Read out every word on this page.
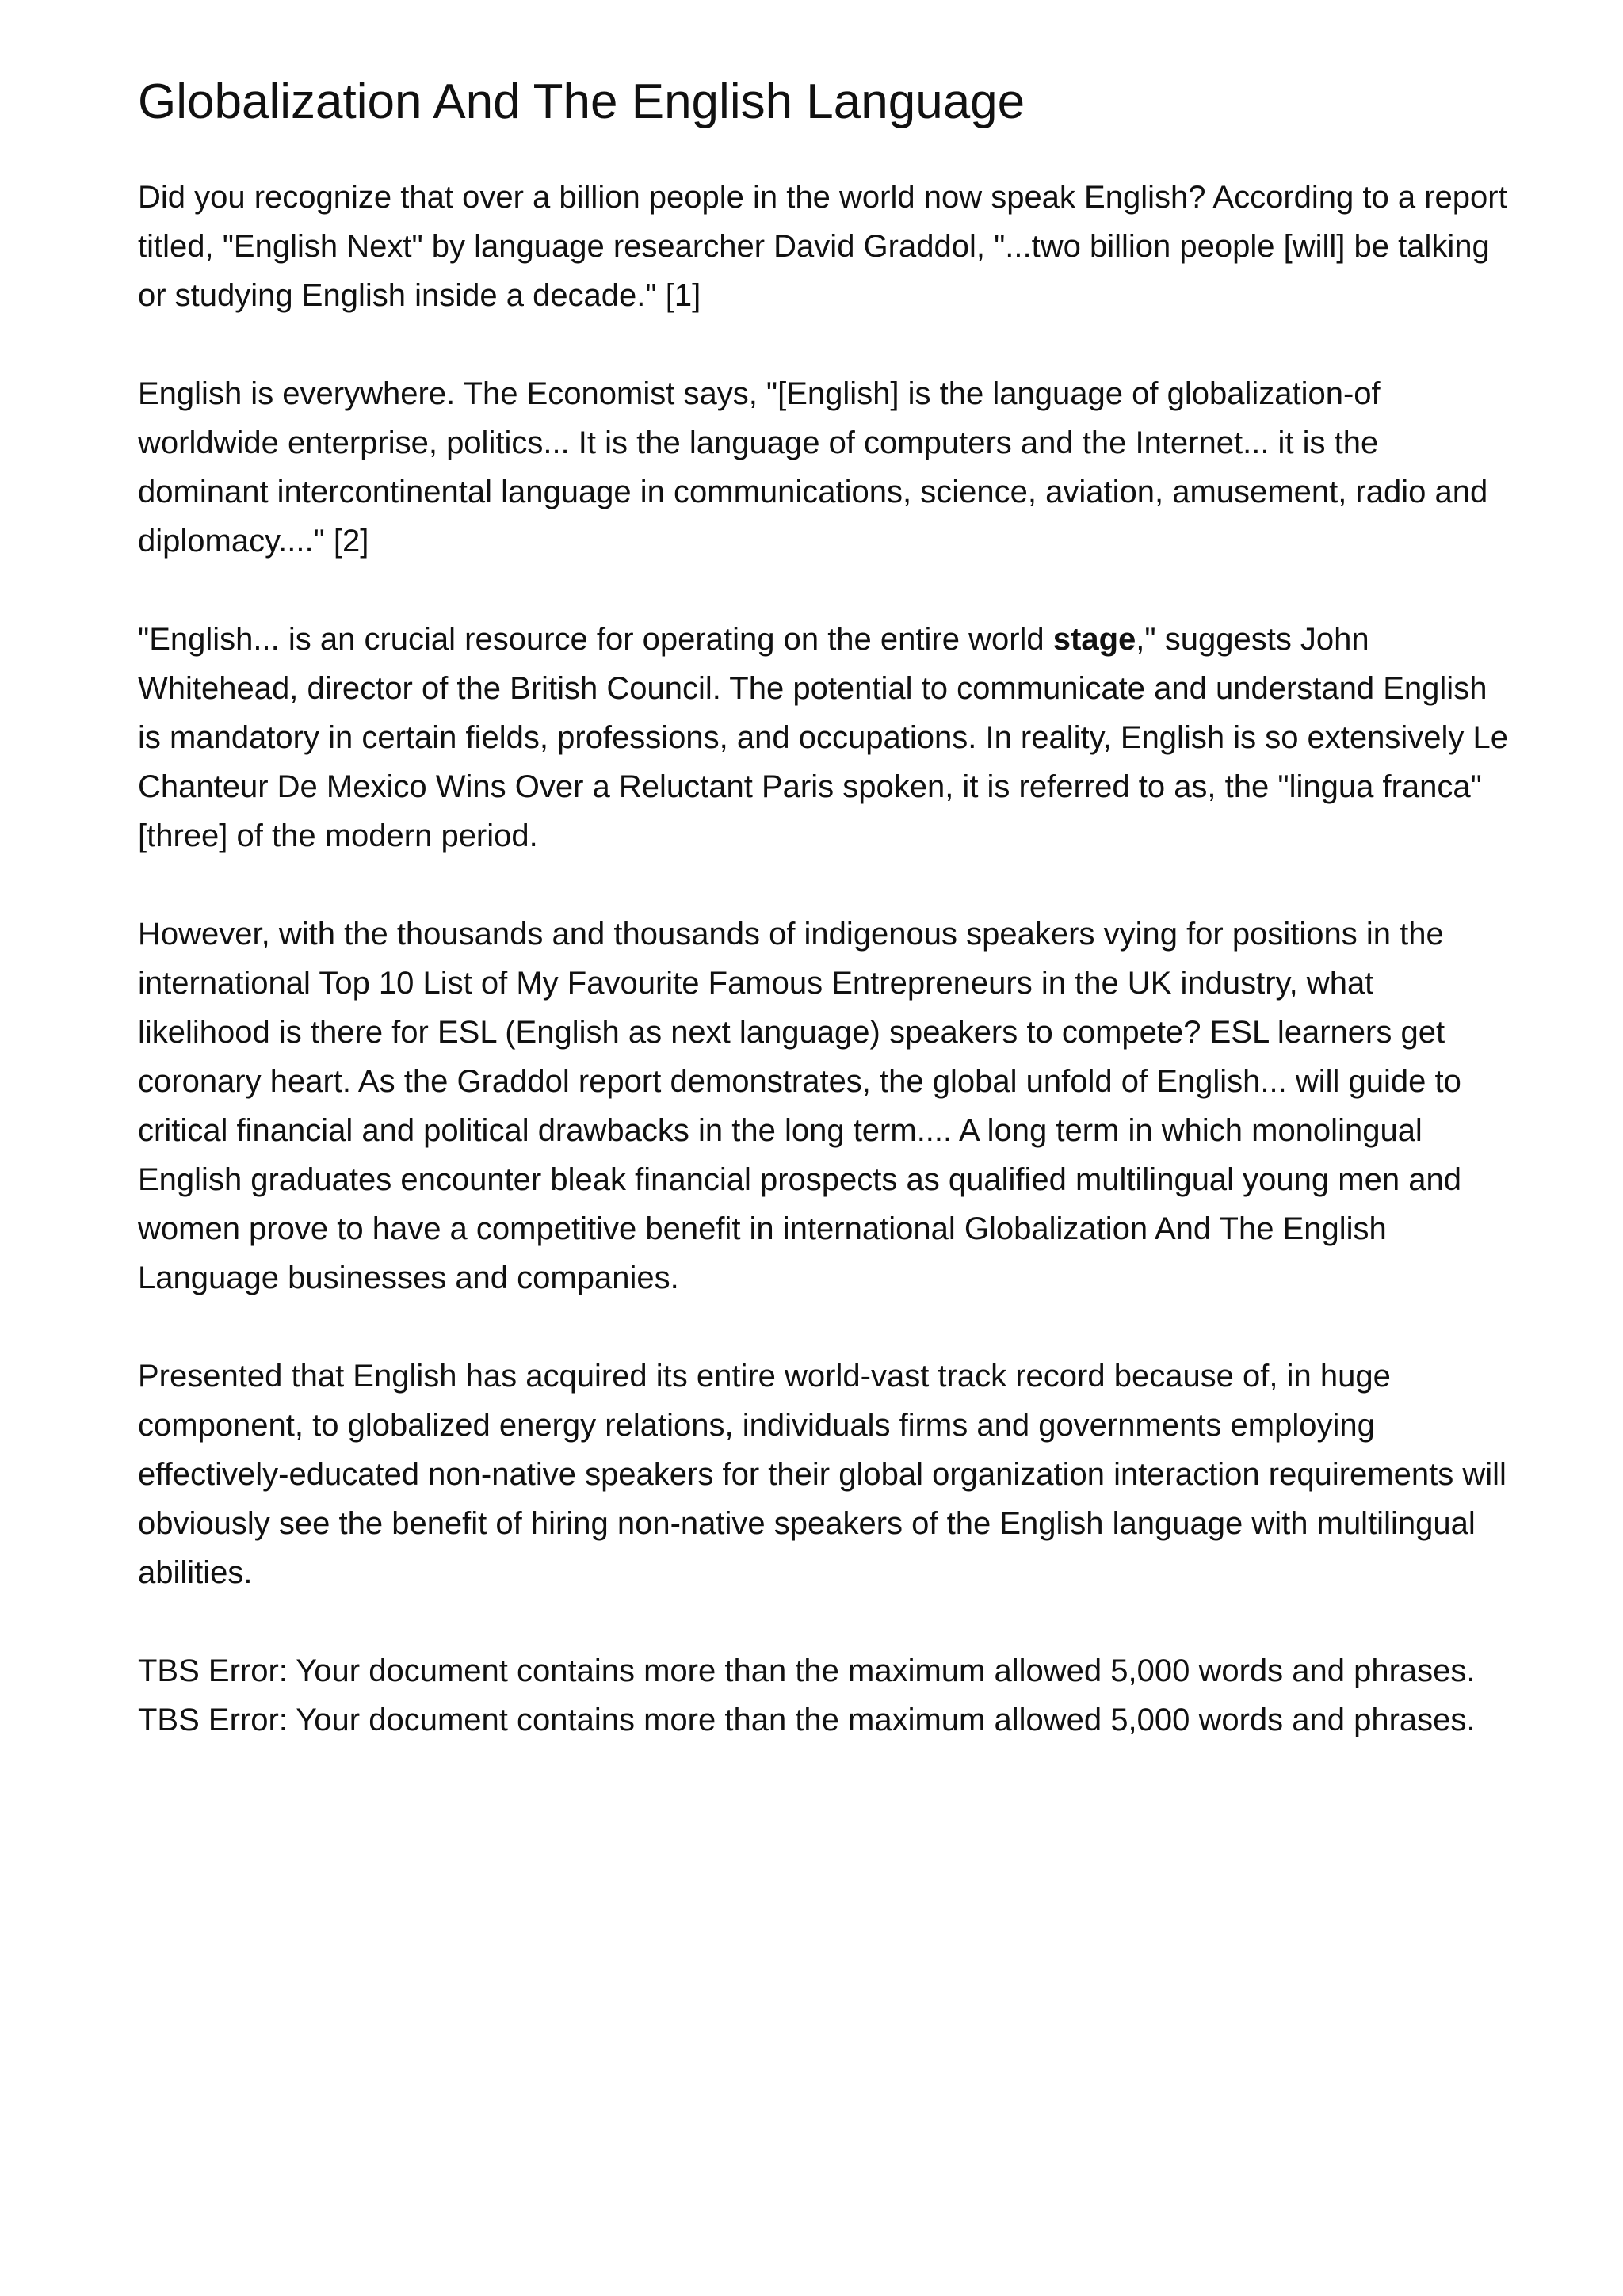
Globalization And The English Language

Did you recognize that over a billion people in the world now speak English? According to a report titled, "English Next" by language researcher David Graddol, "...two billion people [will] be talking or studying English inside a decade." [1]

English is everywhere. The Economist says, "[English] is the language of globalization-of worldwide enterprise, politics... It is the language of computers and the Internet... it is the dominant intercontinental language in communications, science, aviation, amusement, radio and diplomacy...." [2]

"English... is an crucial resource for operating on the entire world stage," suggests John Whitehead, director of the British Council. The potential to communicate and understand English is mandatory in certain fields, professions, and occupations. In reality, English is so extensively Le Chanteur De Mexico Wins Over a Reluctant Paris spoken, it is referred to as, the "lingua franca" [three] of the modern period.

However, with the thousands and thousands of indigenous speakers vying for positions in the international Top 10 List of My Favourite Famous Entrepreneurs in the UK industry, what likelihood is there for ESL (English as next language) speakers to compete? ESL learners get coronary heart. As the Graddol report demonstrates, the global unfold of English... will guide to critical financial and political drawbacks in the long term.... A long term in which monolingual English graduates encounter bleak financial prospects as qualified multilingual young men and women prove to have a competitive benefit in international Globalization And The English Language businesses and companies.

Presented that English has acquired its entire world-vast track record because of, in huge component, to globalized energy relations, individuals firms and governments employing effectively-educated non-native speakers for their global organization interaction requirements will obviously see the benefit of hiring non-native speakers of the English language with multilingual abilities.

TBS Error: Your document contains more than the maximum allowed 5,000 words and phrases.
TBS Error: Your document contains more than the maximum allowed 5,000 words and phrases.
